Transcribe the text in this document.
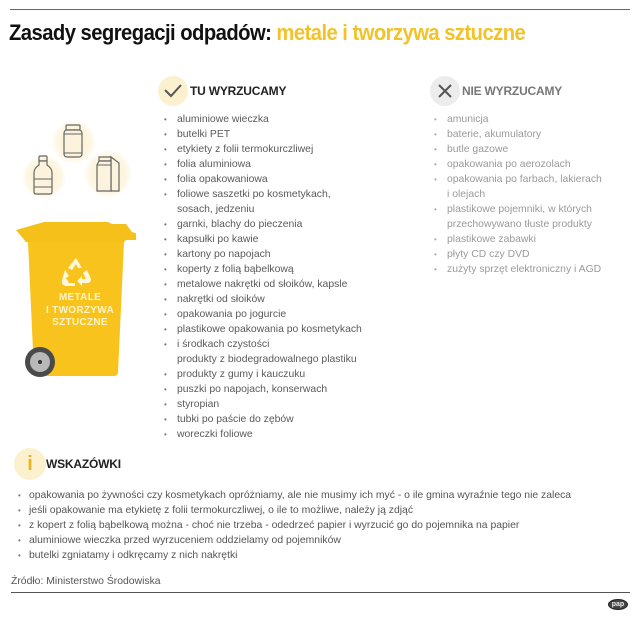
Zasady segregacji odpadów: metale i tworzywa sztuczne
METALE
I TWORZYWA
SZTUCZNE
TU WYRZUCAMY
• aluminiowe wieczka
• butelki PET
• etykiety z folii termokurczliwej
• folia aluminiowa
• folia opakowaniowa
• foliowe saszetki po kosmetykach,
sosach, jedzeniu
• garnki, blachy do pieczenia
• kapsułki po kawie
• kartony po napojach
• koperty z folią bąbelkową
• metalowe nakrętki od słoików, kapsle
• nakrętki od słoików
• opakowania po jogurcie
• plastikowe opakowania po kosmetykach
• i środkach czystości
produkty z biodegradowalnego plastiku
• produkty z gumy i kauczuku
• puszki po napojach, konserwach
• styropian
• tubki po paście do zębów
• woreczki foliowe
NIE WYRZUCAMY
• amunicja
• baterie, akumulatory
• butle gazowe
• opakowania po aerozolach
• opakowania po farbach, lakierach
i olejach
• plastikowe pojemniki, w których
przechowywano tłuste produkty
• plastikowe zabawki
• płyty CD czy DVD
• zużyty sprzęt elektroniczny i AGD
i WSKAZÓWKI
• opakowania po żywności czy kosmetykach opróżniamy, ale nie musimy ich myć - o ile gmina wyraźnie tego nie zaleca
• jeśli opakowanie ma etykietę z folii termokurczliwej, o ile to możliwe, należy ją zdjąć
• z kopert z folią bąbelkową można - choć nie trzeba - odedrzeć papier i wyrzucić go do pojemnika na papier
• aluminiowe wieczka przed wyrzuceniem oddzielamy od pojemników
• butelki zgniatamy i odkręcamy z nich nakrętki
Źródło: Ministerstwo Środowiska
pap
